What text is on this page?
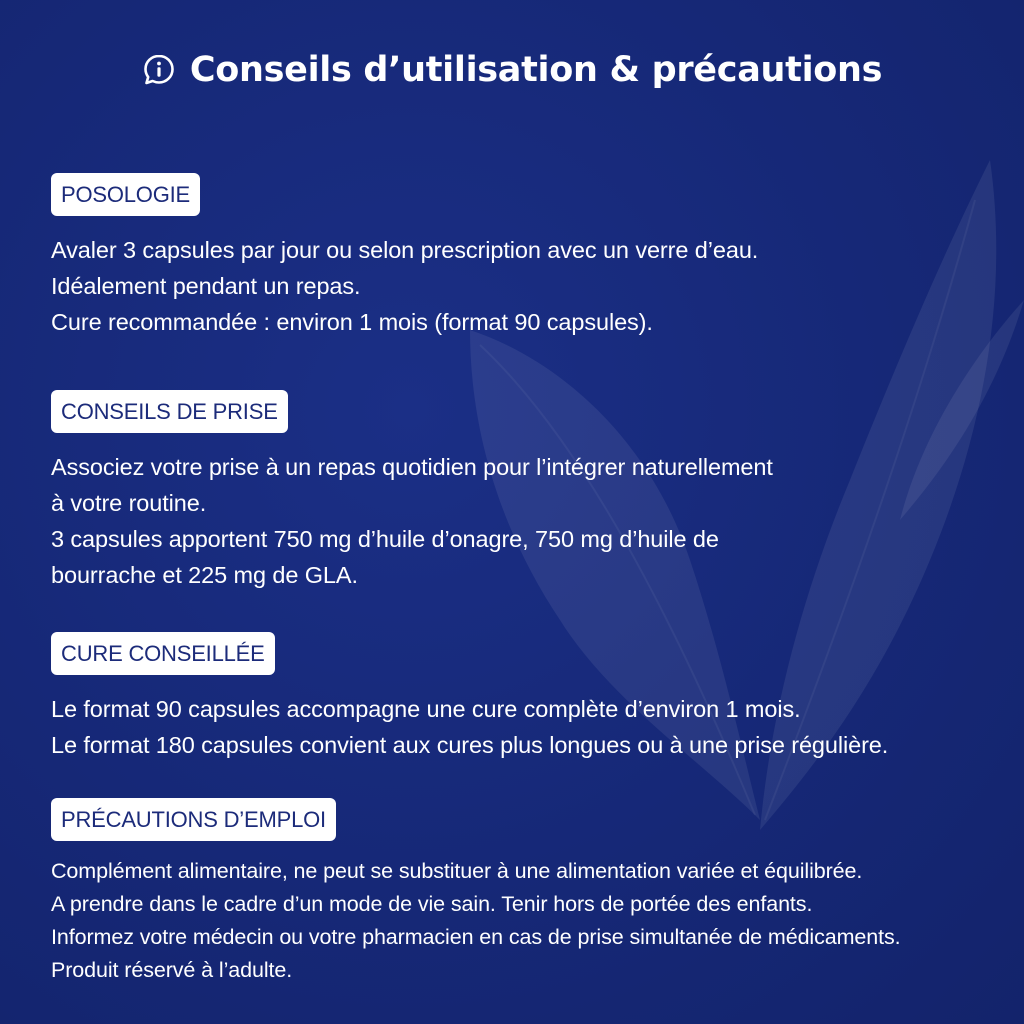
Conseils d’utilisation & précautions
POSOLOGIE
Avaler 3 capsules par jour ou selon prescription avec un verre d’eau.
Idéalement pendant un repas.
Cure recommandée : environ 1 mois (format 90 capsules).
CONSEILS DE PRISE
Associez votre prise à un repas quotidien pour l’intégrer naturellement
à votre routine.
3 capsules apportent 750 mg d’huile d’onagre, 750 mg d’huile de
bourrache et 225 mg de GLA.
CURE CONSEILLÉE
Le format 90 capsules accompagne une cure complète d’environ 1 mois.
Le format 180 capsules convient aux cures plus longues ou à une prise régulière.
PRÉCAUTIONS D’EMPLOI
Complément alimentaire, ne peut se substituer à une alimentation variée et équilibrée.
A prendre dans le cadre d’un mode de vie sain. Tenir hors de portée des enfants.
Informez votre médecin ou votre pharmacien en cas de prise simultanée de médicaments.
Produit réservé à l’adulte.
